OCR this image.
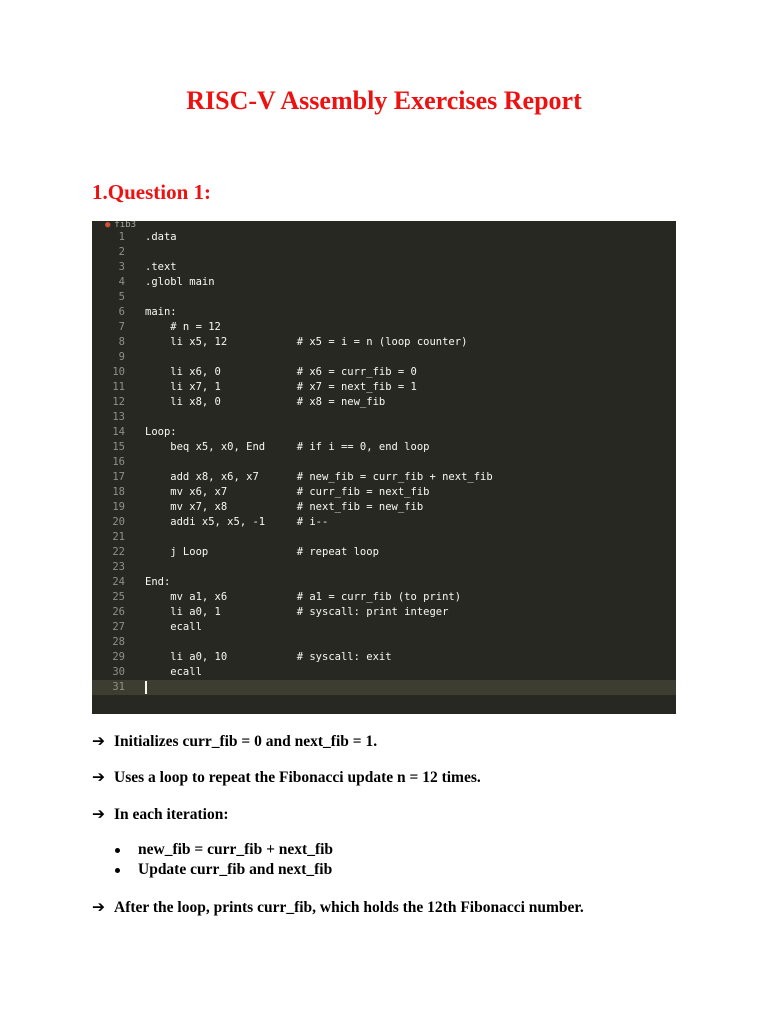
RISC-V Assembly Exercises Report
1.Question 1:
● fib3
1 .data
2
3 .text
4 .globl main
5
6 main:
7 # n = 12
8 li x5, 12           # x5 = i = n (loop counter)
9
10 li x6, 0            # x6 = curr_fib = 0
11 li x7, 1            # x7 = next_fib = 1
12 li x8, 0            # x8 = new_fib
13
14 Loop:
15 beq x5, x0, End     # if i == 0, end loop
16
17 add x8, x6, x7      # new_fib = curr_fib + next_fib
18 mv x6, x7           # curr_fib = next_fib
19 mv x7, x8           # next_fib = new_fib
20 addi x5, x5, -1     # i--
21
22 j Loop              # repeat loop
23
24 End:
25 mv a1, x6           # a1 = curr_fib (to print)
26 li a0, 1            # syscall: print integer
27 ecall
28
29 li a0, 10           # syscall: exit
30 ecall
31

➔ Initializes curr_fib = 0 and next_fib = 1.

➔ Uses a loop to repeat the Fibonacci update n = 12 times.

➔ In each iteration:

new_fib = curr_fib + next_fib
Update curr_fib and next_fib

➔ After the loop, prints curr_fib, which holds the 12th Fibonacci number.
